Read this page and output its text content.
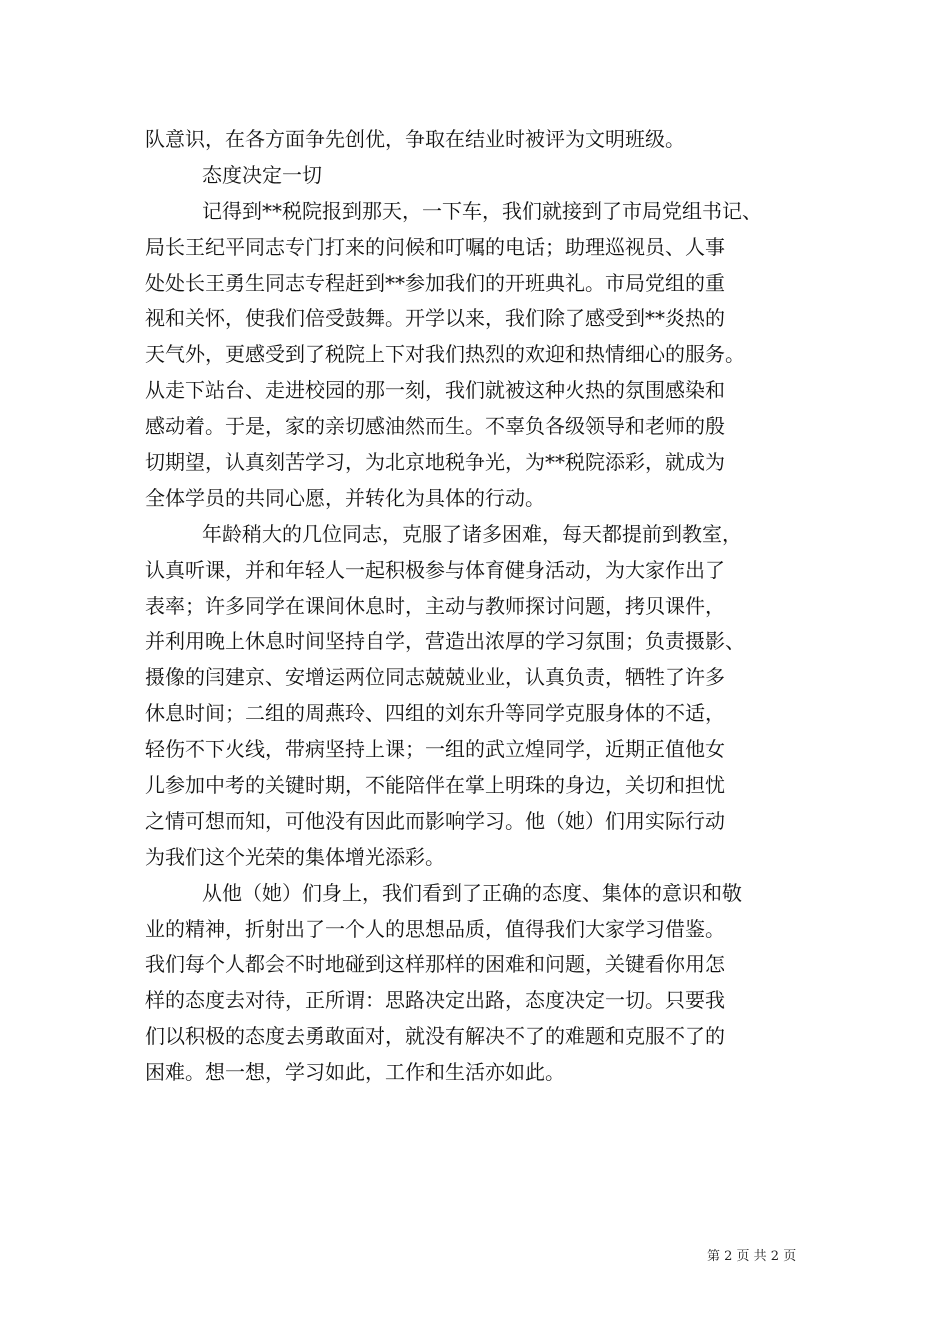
队意识，在各方面争先创优，争取在结业时被评为文明班级。
态度决定一切
记得到**税院报到那天，一下车，我们就接到了市局党组书记、
局长王纪平同志专门打来的问候和叮嘱的电话；助理巡视员、人事
处处长王勇生同志专程赶到**参加我们的开班典礼。市局党组的重
视和关怀，使我们倍受鼓舞。开学以来，我们除了感受到**炎热的
天气外，更感受到了税院上下对我们热烈的欢迎和热情细心的服务。
从走下站台、走进校园的那一刻，我们就被这种火热的氛围感染和
感动着。于是，家的亲切感油然而生。不辜负各级领导和老师的殷
切期望，认真刻苦学习，为北京地税争光，为**税院添彩，就成为
全体学员的共同心愿，并转化为具体的行动。
年龄稍大的几位同志，克服了诸多困难，每天都提前到教室，
认真听课，并和年轻人一起积极参与体育健身活动，为大家作出了
表率；许多同学在课间休息时，主动与教师探讨问题，拷贝课件，
并利用晚上休息时间坚持自学，营造出浓厚的学习氛围；负责摄影、
摄像的闫建京、安增运两位同志兢兢业业，认真负责，牺牲了许多
休息时间；二组的周燕玲、四组的刘东升等同学克服身体的不适，
轻伤不下火线，带病坚持上课；一组的武立煌同学，近期正值他女
儿参加中考的关键时期，不能陪伴在掌上明珠的身边，关切和担忧
之情可想而知，可他没有因此而影响学习。他（她）们用实际行动
为我们这个光荣的集体增光添彩。
从他（她）们身上，我们看到了正确的态度、集体的意识和敬
业的精神，折射出了一个人的思想品质，值得我们大家学习借鉴。
我们每个人都会不时地碰到这样那样的困难和问题，关键看你用怎
样的态度去对待，正所谓：思路决定出路，态度决定一切。只要我
们以积极的态度去勇敢面对，就没有解决不了的难题和克服不了的
困难。想一想，学习如此，工作和生活亦如此。
第 2 页 共 2 页
